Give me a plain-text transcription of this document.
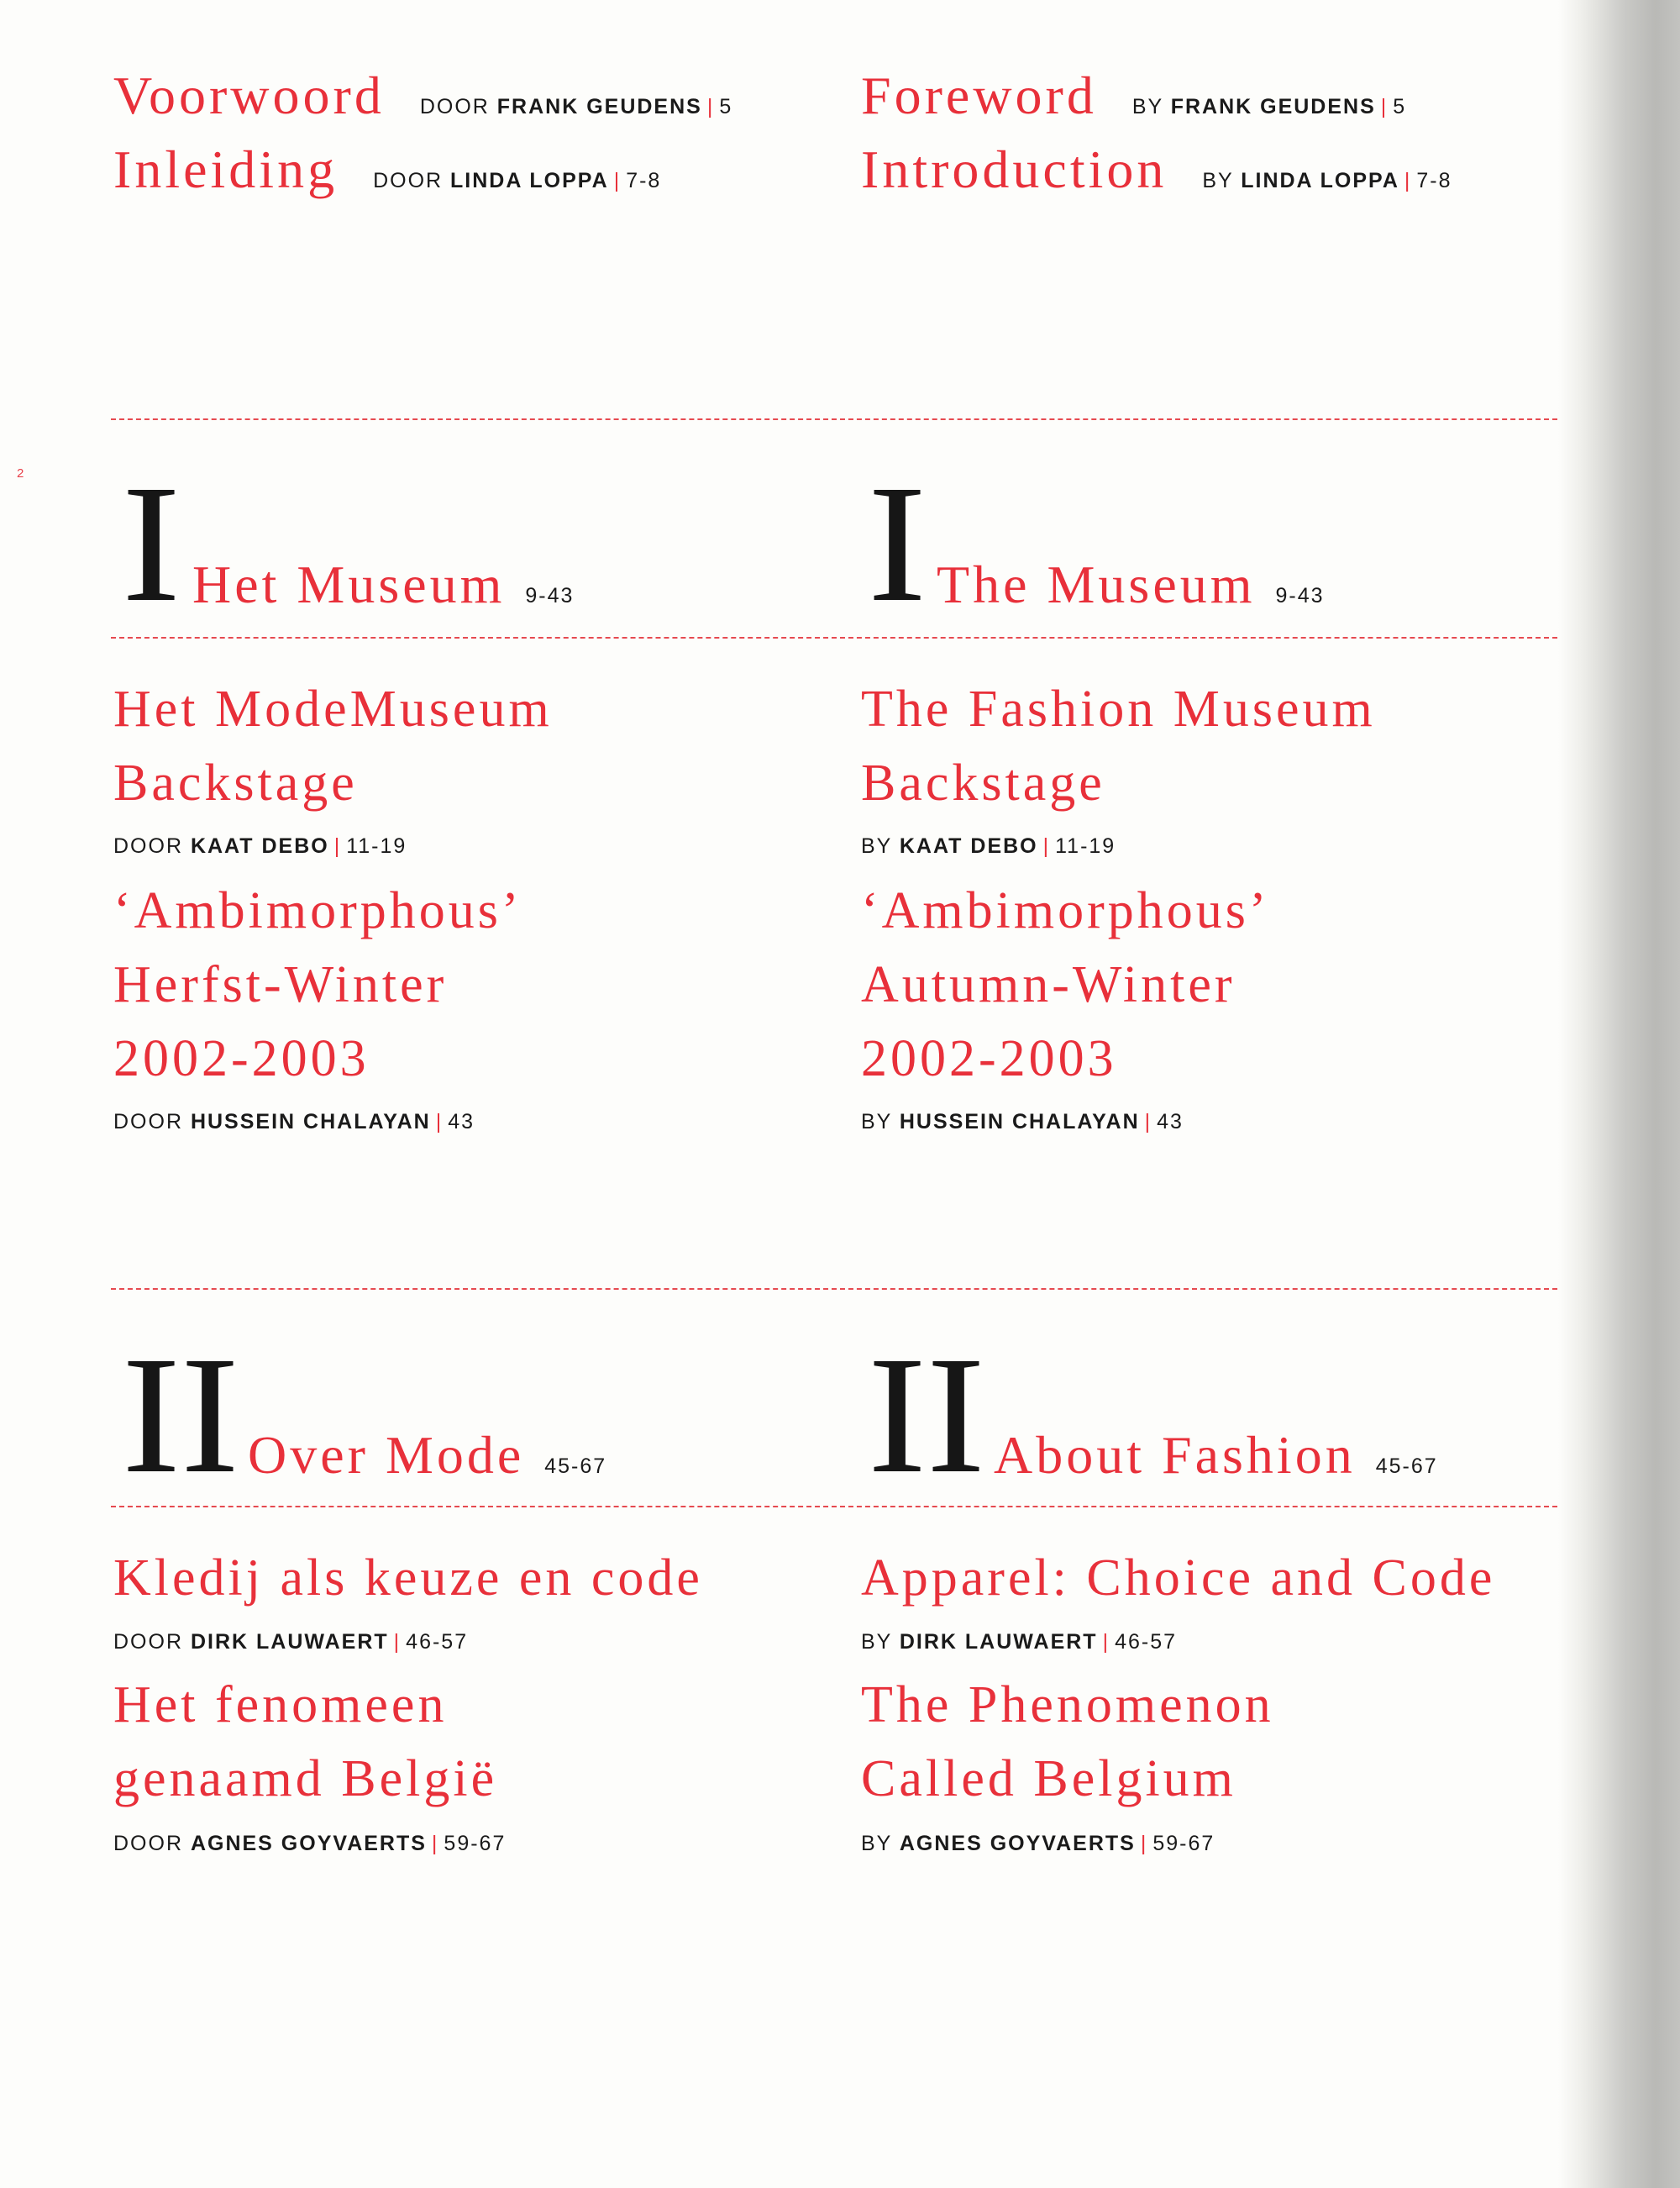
2
Voorwoord DOOR FRANK GEUDENS | 5
Inleiding DOOR LINDA LOPPA | 7-8
I Het Museum 9-43
Het ModeMuseum
Backstage
DOOR KAAT DEBO | 11-19
‘Ambimorphous’
Herfst-Winter
2002-2003
DOOR HUSSEIN CHALAYAN | 43
II Over Mode 45-67
Kledij als keuze en code
DOOR DIRK LAUWAERT | 46-57
Het fenomeen
genaamd België
DOOR AGNES GOYVAERTS | 59-67
Foreword BY FRANK GEUDENS | 5
Introduction BY LINDA LOPPA | 7-8
I The Museum 9-43
The Fashion Museum
Backstage
BY KAAT DEBO | 11-19
‘Ambimorphous’
Autumn-Winter
2002-2003
BY HUSSEIN CHALAYAN | 43
II About Fashion 45-67
Apparel: Choice and Code
BY DIRK LAUWAERT | 46-57
The Phenomenon
Called Belgium
BY AGNES GOYVAERTS | 59-67
